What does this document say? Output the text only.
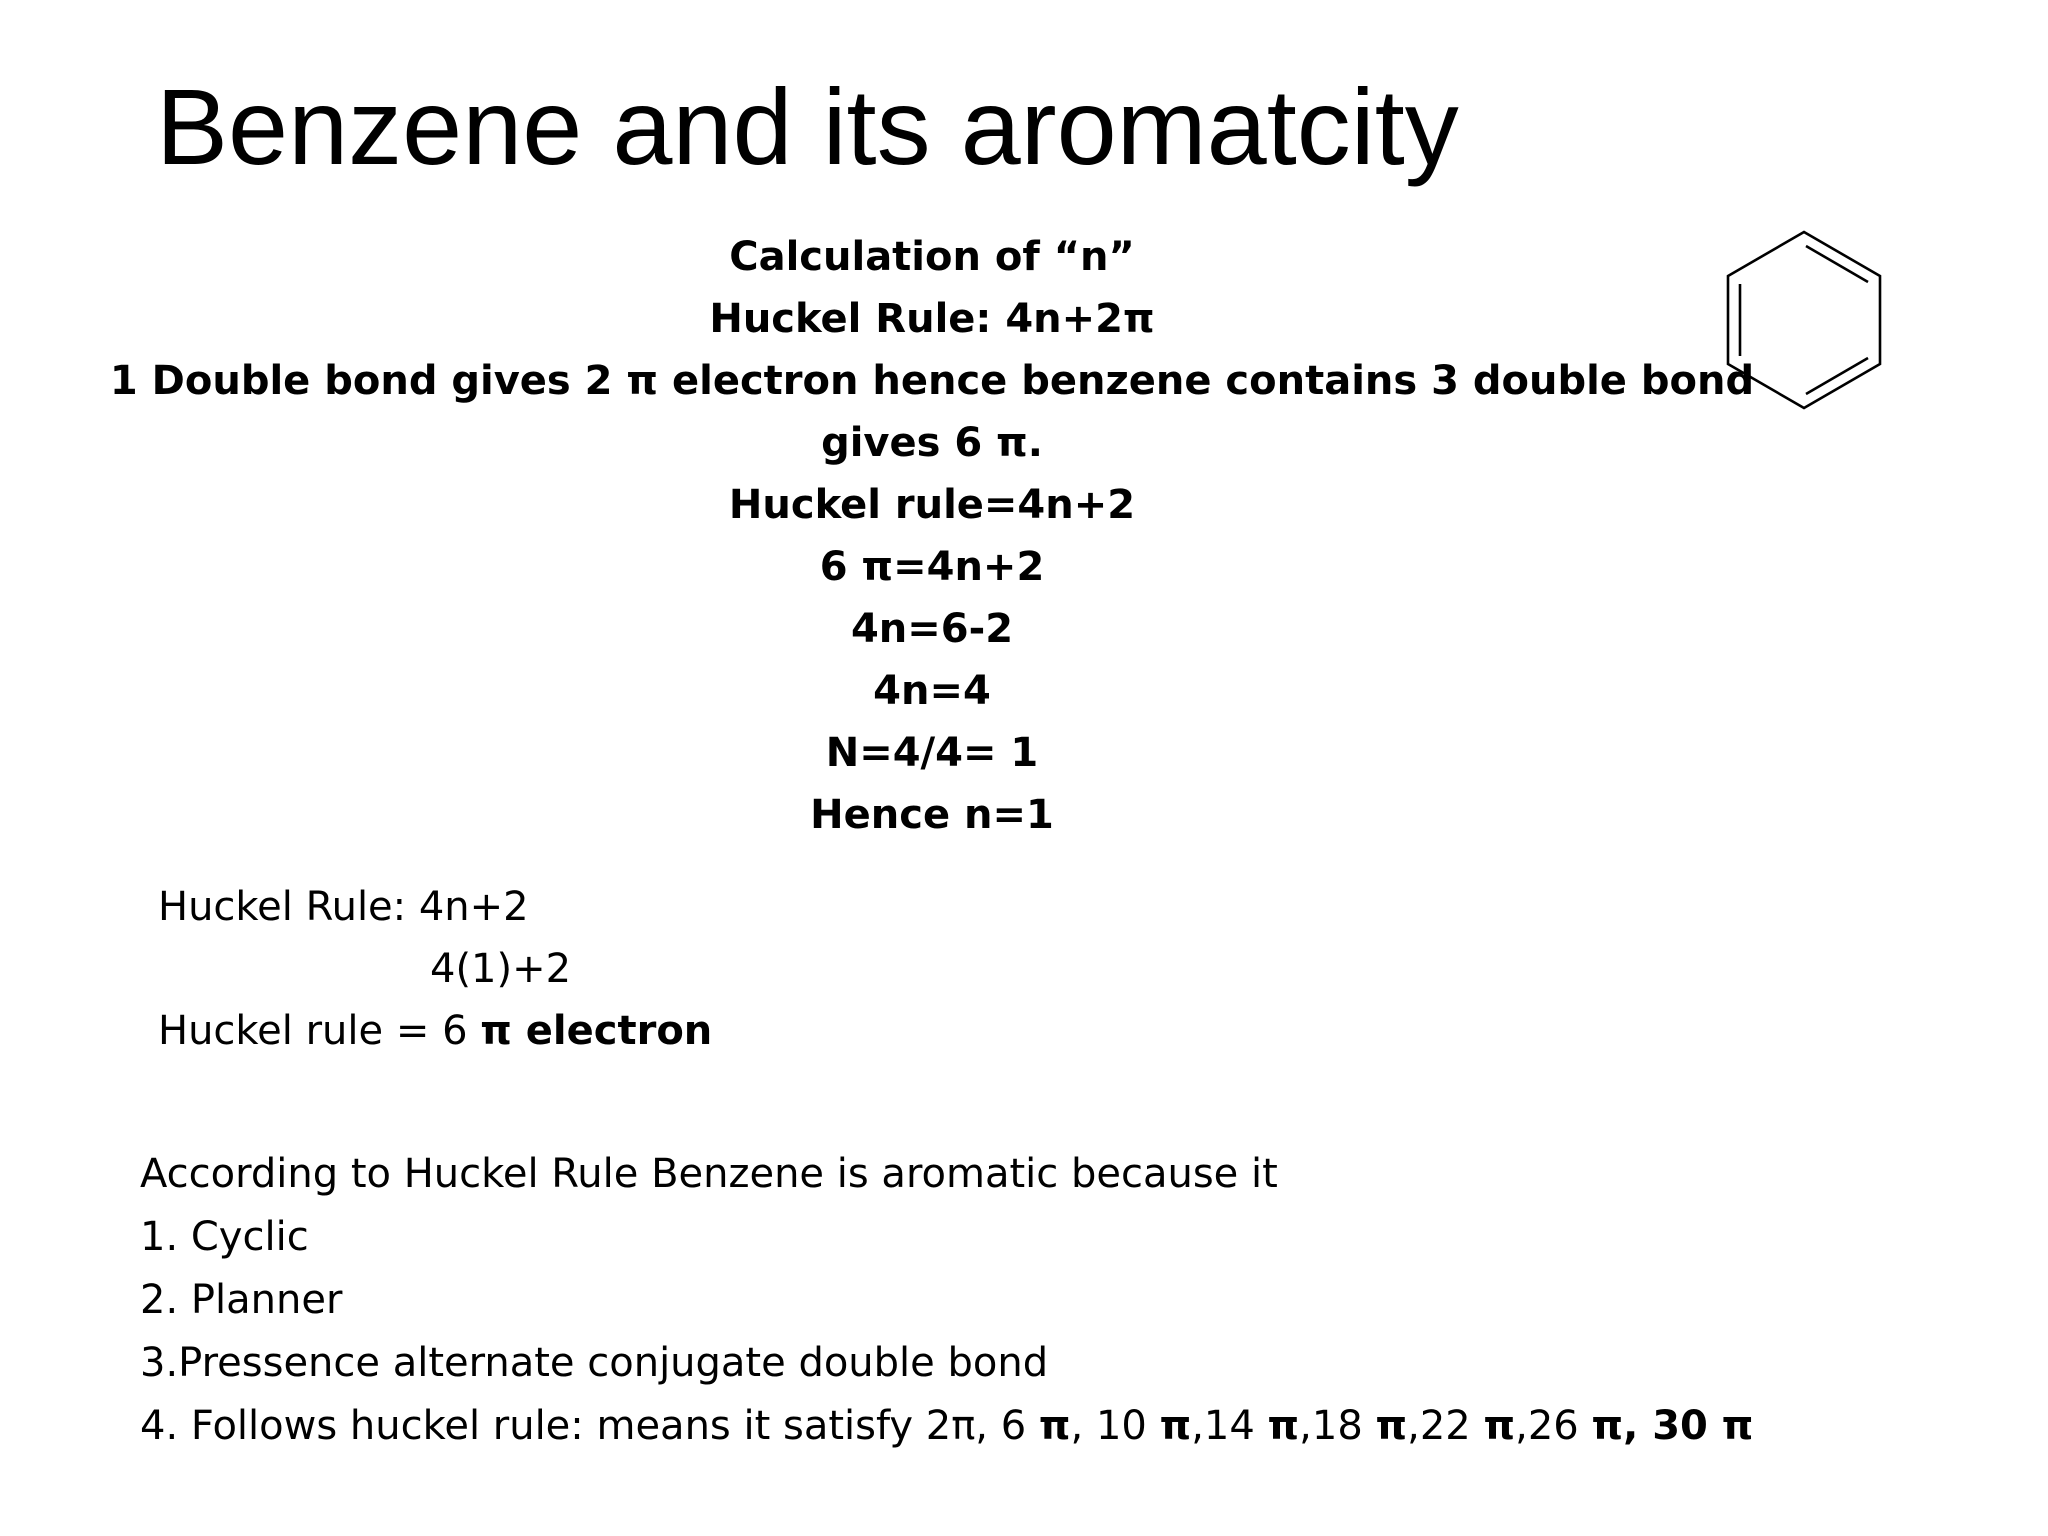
Benzene and its aromatcity
Calculation of “n”
Huckel Rule: 4n+2π
1 Double bond gives 2 π electron hence benzene contains 3 double bond
gives 6 π.
Huckel rule=4n+2
6 π=4n+2
4n=6-2
4n=4
N=4/4= 1
Hence n=1
Huckel Rule: 4n+2
4(1)+2
Huckel rule = 6 π electron
According to Huckel Rule Benzene is aromatic because it
1. Cyclic
2. Planner
3.Pressence alternate conjugate double bond
4. Follows huckel rule: means it satisfy 2π, 6 π, 10 π,14 π,18 π,22 π,26 π, 30 π
